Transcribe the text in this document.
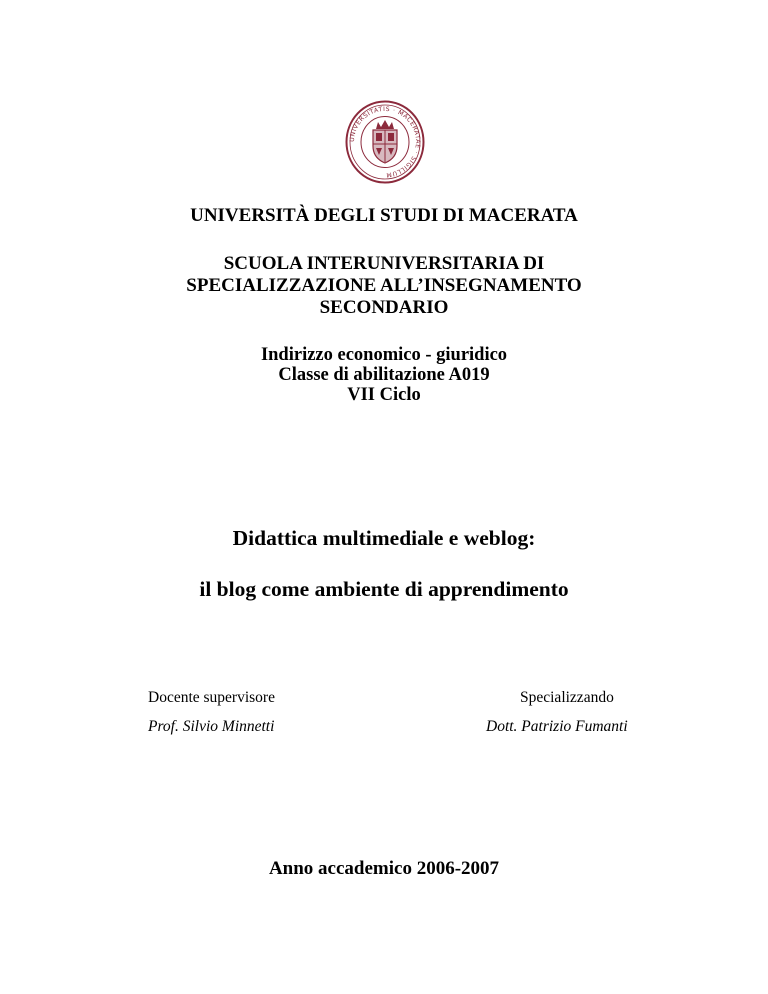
UNIVERSITATIS · MACERATAE · SIGILLUM
UNIVERSITÀ DEGLI STUDI DI MACERATA
SCUOLA INTERUNIVERSITARIA DI
SPECIALIZZAZIONE ALL’INSEGNAMENTO
SECONDARIO
Indirizzo economico - giuridico
Classe di abilitazione A019
VII Ciclo
Didattica multimediale e weblog:
il blog come ambiente di apprendimento
Docente supervisore
Prof. Silvio Minnetti
Specializzando
Dott. Patrizio Fumanti
Anno accademico 2006-2007
